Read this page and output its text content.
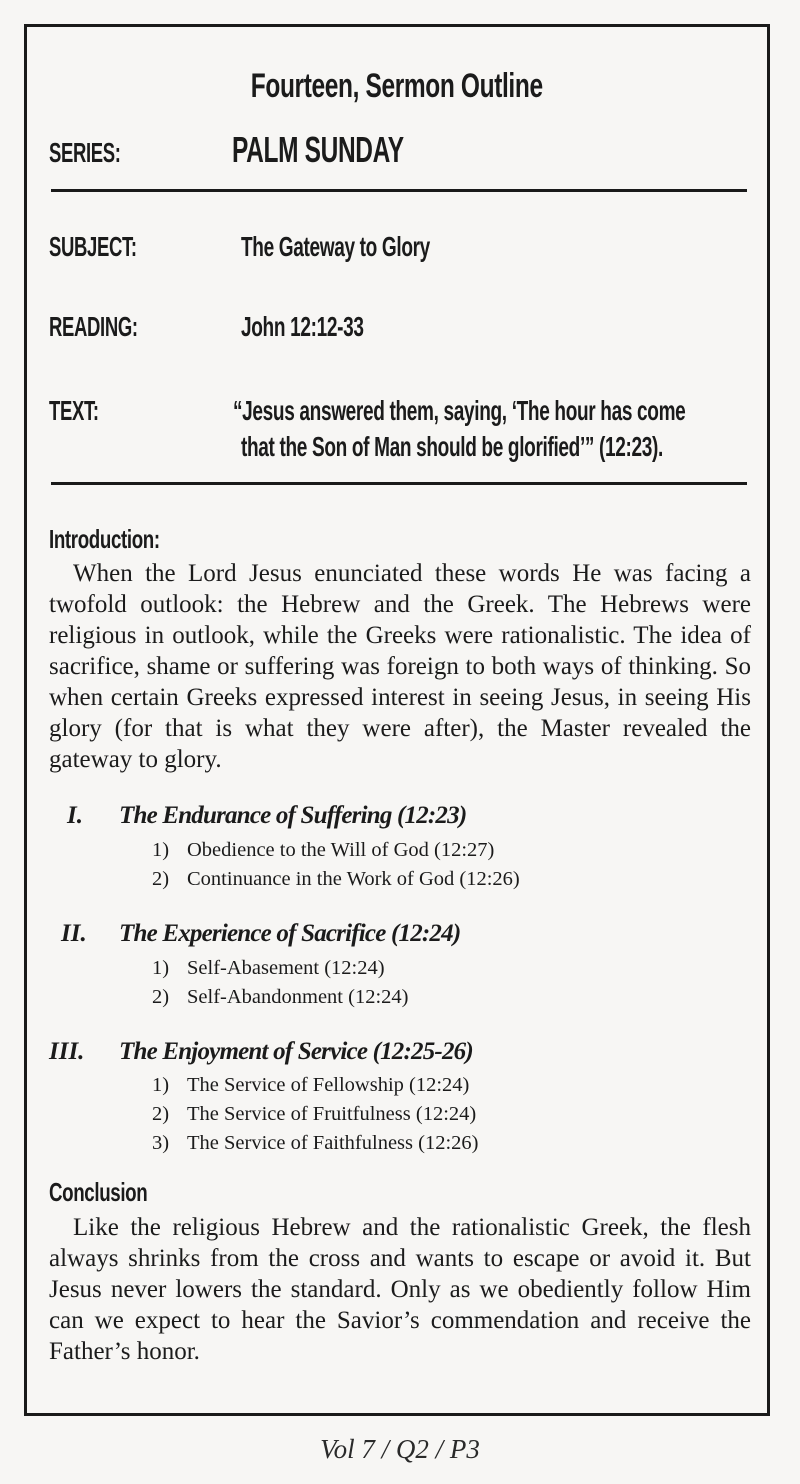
Fourteen, Sermon Outline
SERIES:	PALM SUNDAY
SUBJECT:	The Gateway to Glory
READING:	John 12:12-33
TEXT:	“Jesus answered them, saying, ‘The hour has come
that the Son of Man should be glorified’” (12:23).
Introduction:

When the Lord Jesus enunciated these words He was facing a twofold outlook: the Hebrew and the Greek. The Hebrews were religious in outlook, while the Greeks were rationalistic. The idea of sacrifice, shame or suffering was foreign to both ways of thinking. So when certain Greeks expressed interest in seeing Jesus, in seeing His glory (for that is what they were after), the Master revealed the gateway to glory.

I. The Endurance of Suffering (12:23)
1) Obedience to the Will of God (12:27)
2) Continuance in the Work of God (12:26)
II. The Experience of Sacrifice (12:24)
1) Self-Abasement (12:24)
2) Self-Abandonment (12:24)
III. The Enjoyment of Service (12:25-26)
1) The Service of Fellowship (12:24)
2) The Service of Fruitfulness (12:24)
3) The Service of Faithfulness (12:26)
Conclusion

Like the religious Hebrew and the rationalistic Greek, the flesh always shrinks from the cross and wants to escape or avoid it. But Jesus never lowers the standard. Only as we obediently follow Him can we expect to hear the Savior’s commendation and receive the Father’s honor.

Vol 7 / Q2 / P3
